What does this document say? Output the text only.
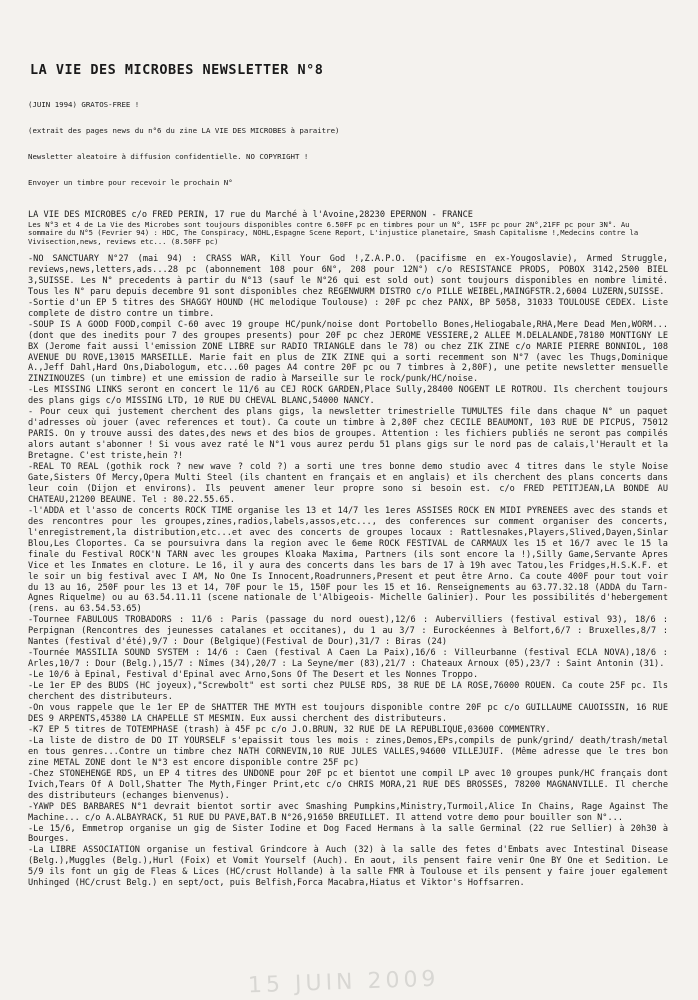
LA VIE DES MICROBES NEWSLETTER N°8

(JUIN 1994) GRATOS-FREE !

(extrait des pages news du n°6 du zine LA VIE DES MICROBES à paraitre)

Newsletter aleatoire à diffusion confidentielle. NO COPYRIGHT !

Envoyer un timbre pour recevoir le prochain N°

LA VIE DES MICROBES c/o FRED PERIN, 17 rue du Marché à l'Avoine,28230 EPERNON - FRANCE
Les N°3 et 4 de La Vie des Microbes sont toujours disponibles contre 6.50FF pc en timbres pour un N°, 15FF pc pour 2N°,21FF pc pour 3N°. Au sommaire du N°5 (Fevrier 94) : HDC, The Conspiracy, NOHL,Espagne Scene Report, L'injustice planetaire, Smash Capitalisme !,Medecins contre la Vivisection,news, reviews etc... (8.50FF pc)

-NO SANCTUARY N°27 (mai 94) : CRASS WAR, Kill Your God !,Z.A.P.O. (pacifisme en ex-Yougoslavie), Armed Struggle, reviews,news,letters,ads...28 pc (abonnement 108 pour 6N°, 208 pour 12N°) c/o RESISTANCE PRODS, POBOX 3142,2500 BIEL 3,SUISSE. Les N° precedents à partir du N°13 (sauf le N°26 qui est sold out) sont toujours disponibles en nombre limité. Tous les N° paru depuis decembre 91 sont disponibles chez REGENWURM DISTRO c/o PILLE WEIBEL,MAINGFSTR.2,6004 LUZERN,SUISSE.

-Sortie d'un EP 5 titres des SHAGGY HOUND (HC melodique Toulouse) : 20F pc chez PANX, BP 5058, 31033 TOULOUSE CEDEX. Liste complete de distro contre un timbre.

-SOUP IS A GOOD FOOD,compil C-60 avec 19 groupe HC/punk/noise dont Portobello Bones,Heliogabale,RHA,Mere Dead Men,WORM...(dont que des inedits pour 7 des groupes presents) pour 20F pc chez JEROME VESSIERE,2 ALLEE M.DELALANDE,78180 MONTIGNY LE BX (Jerome fait aussi l'emission ZONE LIBRE sur RADIO TRIANGLE dans le 78) ou chez ZIK ZINE c/o MARIE PIERRE BONNIOL, 108 AVENUE DU ROVE,13015 MARSEILLE. Marie fait en plus de ZIK ZINE qui a sorti recemment son N°7 (avec les Thugs,Dominique A.,Jeff Dahl,Hard Ons,Diabologum, etc...60 pages A4 contre 20F pc ou 7 timbres à 2,80F), une petite newsletter mensuelle ZINZINOUZES (un timbre) et une emission de radio à Marseille sur le rock/punk/HC/noise.

-Les MISSING LINKS seront en concert le 11/6 au CEJ ROCK GARDEN,Place Sully,28400 NOGENT LE ROTROU. Ils cherchent toujours des plans gigs c/o MISSING LTD, 10 RUE DU CHEVAL BLANC,54000 NANCY.

- Pour ceux qui justement cherchent des plans gigs, la newsletter trimestrielle TUMULTES file dans chaque N° un paquet d'adresses où jouer (avec references et tout). Ca coute un timbre à 2,80F chez CECILE BEAUMONT, 103 RUE DE PICPUS, 75012 PARIS. On y trouve aussi des dates,des news et des bios de groupes. Attention : les fichiers publiés ne seront pas compilés alors autant s'abonner ! Si vous avez raté le N°1 vous aurez perdu 51 plans gigs sur le nord pas de calais,l'Herault et la Bretagne. C'est triste,hein ?!

-REAL TO REAL (gothik rock ? new wave ? cold ?) a sorti une tres bonne demo studio avec 4 titres dans le style Noise Gate,Sisters Of Mercy,Opera Multi Steel (ils chantent en français et en anglais) et ils cherchent des plans concerts dans leur coin (Dijon et environs). Ils peuvent amener leur propre sono si besoin est. c/o FRED PETITJEAN,LA BONDE AU CHATEAU,21200 BEAUNE. Tel : 80.22.55.65.

-l'ADDA et l'asso de concerts ROCK TIME organise les 13 et 14/7 les 1eres ASSISES ROCK EN MIDI PYRENEES avec des stands et des rencontres pour les groupes,zines,radios,labels,assos,etc..., des conferences sur comment organiser des concerts, l'enregistrement,la distribution,etc...et avec des concerts de groupes locaux : Rattlesnakes,Players,Slived,Dayen,Sinlar Blou,Les Cloportes. Ca se poursuivra dans la region avec le 6eme ROCK FESTIVAL de CARMAUX les 15 et 16/7 avec le 15 la finale du Festival ROCK'N TARN avec les groupes Kloaka Maxima, Partners (ils sont encore la !),Silly Game,Servante Apres Vice et les Inmates en cloture. Le 16, il y aura des concerts dans les bars de 17 à 19h avec Tatou,les Fridges,H.S.K.F. et le soir un big festival avec I AM, No One Is Innocent,Roadrunners,Present et peut être Arno. Ca coute 400F pour tout voir du 13 au 16, 250F pour les 13 et 14, 70F pour le 15, 150F pour les 15 et 16. Renseignements au 63.77.32.18 (ADDA du Tarn-Agnes Riquelme) ou au 63.54.11.11 (scene nationale de l'Albigeois- Michelle Galinier). Pour les possibilités d'hebergement (rens. au 63.54.53.65)

-Tournee FABULOUS TROBADORS : 11/6 : Paris (passage du nord ouest),12/6 : Aubervilliers (festival estival 93), 18/6 : Perpignan (Rencontres des jeunesses catalanes et occitanes), du 1 au 3/7 : Eurockéennes à Belfort,6/7 : Bruxelles,8/7 : Nantes (festival d'été),9/7 : Dour (Belgique)(Festival de Dour),31/7 : Biras (24)

-Tournée MASSILIA SOUND SYSTEM : 14/6 : Caen (festival A Caen La Paix),16/6 : Villeurbanne (festival ECLA NOVA),18/6 : Arles,10/7 : Dour (Belg.),15/7 : Nîmes (34),20/7 : La Seyne/mer (83),21/7 : Chateaux Arnoux (05),23/7 : Saint Antonin (31).

-Le 10/6 à Epinal, Festival d'Epinal avec Arno,Sons Of The Desert et les Nonnes Troppo.

-Le 1er EP des BUDS (HC joyeux),"Screwbolt" est sorti chez PULSE RDS, 38 RUE DE LA ROSE,76000 ROUEN. Ca coute 25F pc. Ils cherchent des distributeurs.

-On vous rappele que le 1er EP de SHATTER THE MYTH est toujours disponible contre 20F pc c/o GUILLAUME CAUOISSIN, 16 RUE DES 9 ARPENTS,45380 LA CHAPELLE ST MESMIN. Eux aussi cherchent des distributeurs.

-K7 EP 5 titres de TOTEMPHASE (trash) à 45F pc c/o J.O.BRUN, 32 RUE DE LA REPUBLIQUE,03600 COMMENTRY.

-La liste de distro de DO IT YOURSELF s'epaissit tous les mois : zines,Demos,EPs,compils de punk/grind/ death/trash/metal en tous genres...Contre un timbre chez NATH CORNEVIN,10 RUE JULES VALLES,94600 VILLEJUIF. (Même adresse que le tres bon zine METAL ZONE dont le N°3 est encore disponible contre 25F pc)

-Chez STONEHENGE RDS, un EP 4 titres des UNDONE pour 20F pc et bientot une compil LP avec 10 groupes punk/HC français dont Ivich,Tears Of A Doll,Shatter The Myth,Finger Print,etc c/o CHRIS MORA,21 RUE DES BROSSES, 78200 MAGNANVILLE. Il cherche des distributeurs (echanges bienvenus).

-YAWP DES BARBARES N°1 devrait bientot sortir avec Smashing Pumpkins,Ministry,Turmoil,Alice In Chains, Rage Against The Machine... c/o A.ALBAYRACK, 51 RUE DU PAVE,BAT.B N°26,91650 BREUILLET. Il attend votre demo pour bouiller son N°...

-Le 15/6, Emmetrop organise un gig de Sister Iodine et Dog Faced Hermans à la salle Germinal (22 rue Sellier) à 20h30 à Bourges.

-La LIBRE ASSOCIATION organise un festival Grindcore à Auch (32) à la salle des fetes d'Embats avec Intestinal Disease (Belg.),Muggles (Belg.),Hurl (Foix) et Vomit Yourself (Auch). En aout, ils pensent faire venir One BY One et Sedition. Le 5/9 ils font un gig de Fleas & Lices (HC/crust Hollande) à la salle FMR à Toulouse et ils pensent y faire jouer egalement Unhinged (HC/crust Belg.) en sept/oct, puis Belfish,Forca Macabra,Hiatus et Viktor's Hoffsarren.

15 JUIN 2009
